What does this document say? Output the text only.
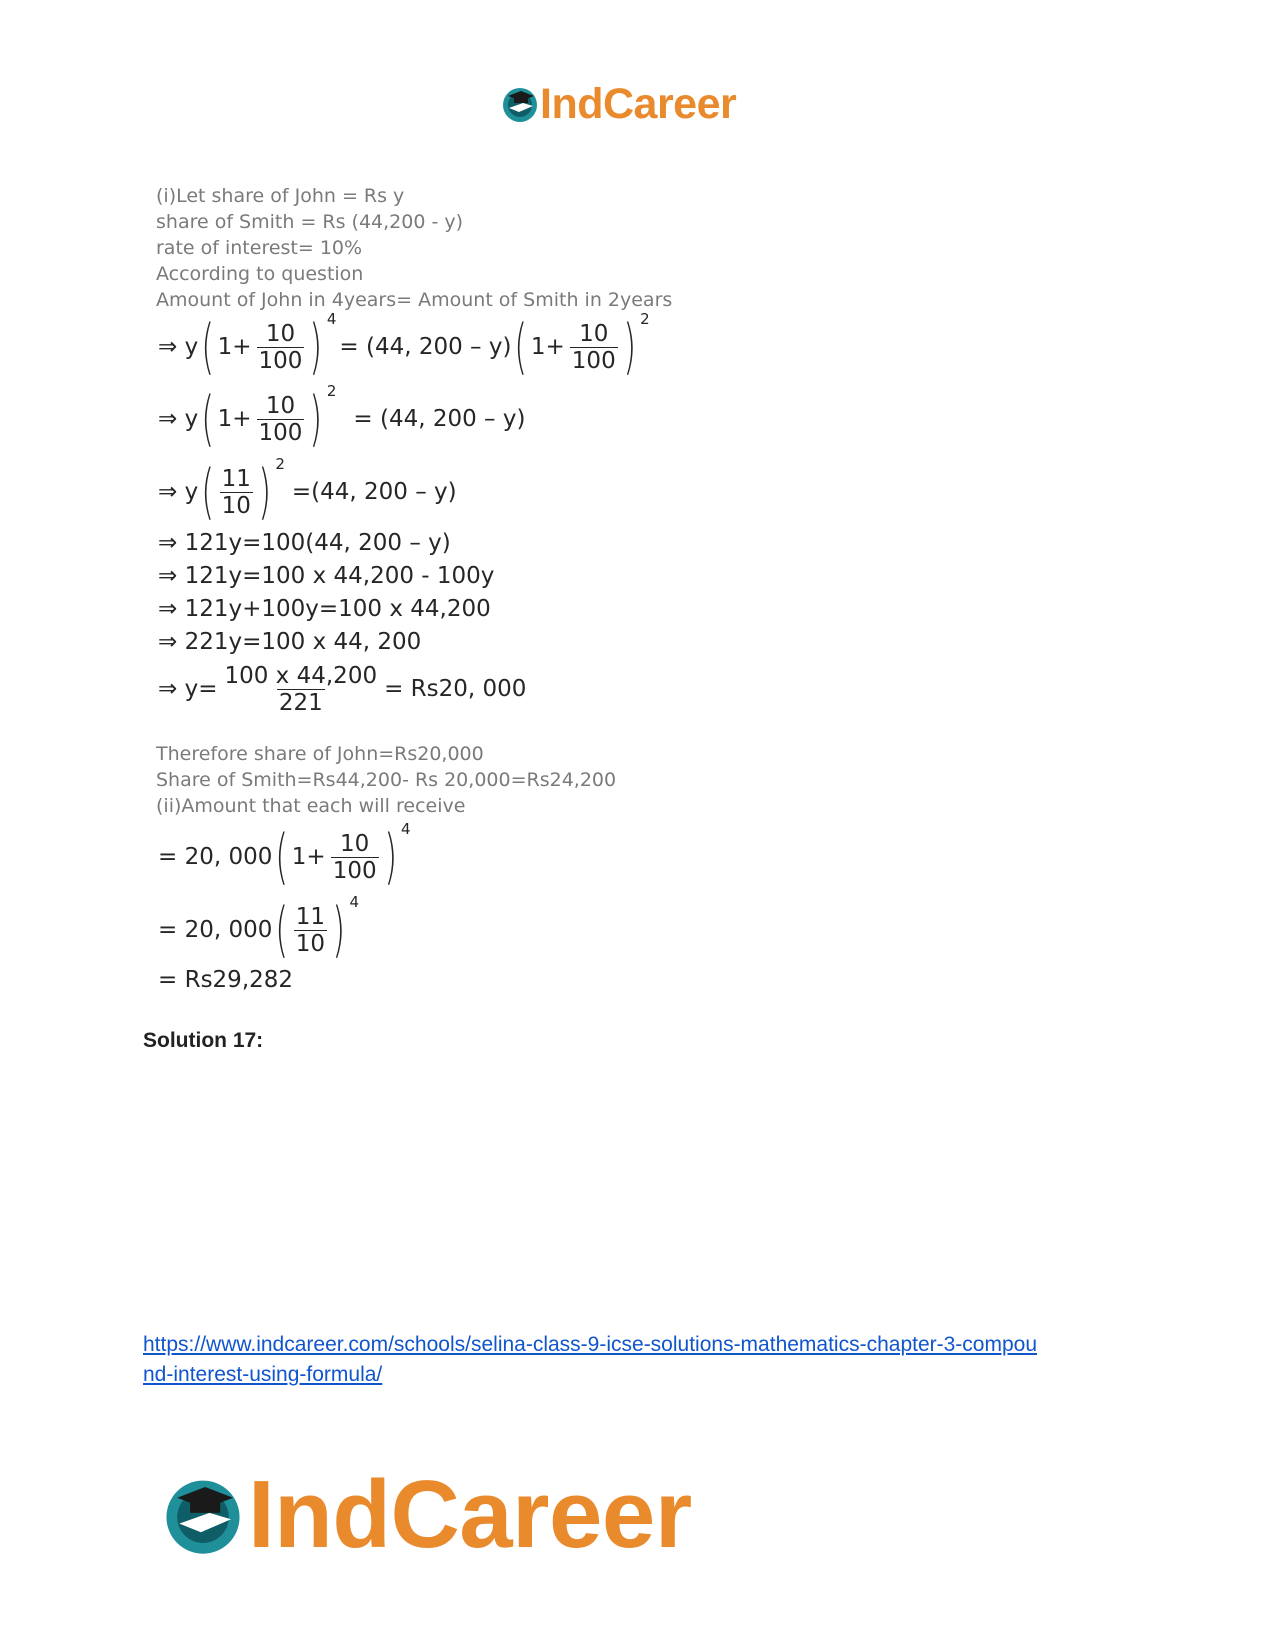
IndCareer
(i)Let share of John = Rs y
share of Smith = Rs (44,200 - y)
rate of interest= 10%
According to question
Amount of John in 4years= Amount of Smith in 2years
⇒ y ( $1+ \frac{10}{100}$ ) 4
= (44, 200 – y) ( $1+ \frac{10}{100}$ ) 2
⇒ y ( $1+ \frac{10}{100}$ ) 2
= (44, 200 – y)
⇒ y ( $\frac{11}{10}$ ) 2
=(44, 200 – y)
⇒ 121y=100(44, 200 – y)
⇒ 121y=100 x 44,200 - 100y
⇒ 121y+100y=100 x 44,200
⇒ 221y=100 x 44, 200
⇒ $y= \frac{100 x 44,200}{221} = Rs20$, 000
Therefore share of John=Rs20,000
Share of Smith=Rs44,200- Rs 20,000=Rs24,200
(ii)Amount that each will receive
= 20, 000 ( $1+ \frac{10}{100}$ ) 4
= 20, 000 ( $\frac{11}{10}$ ) 4
= Rs29,282
Solution 17:
https://www.indcareer.com/schools/selina-class-9-icse-solutions-mathematics-chapter-3-compou
nd-interest-using-formula/
IndCareer
